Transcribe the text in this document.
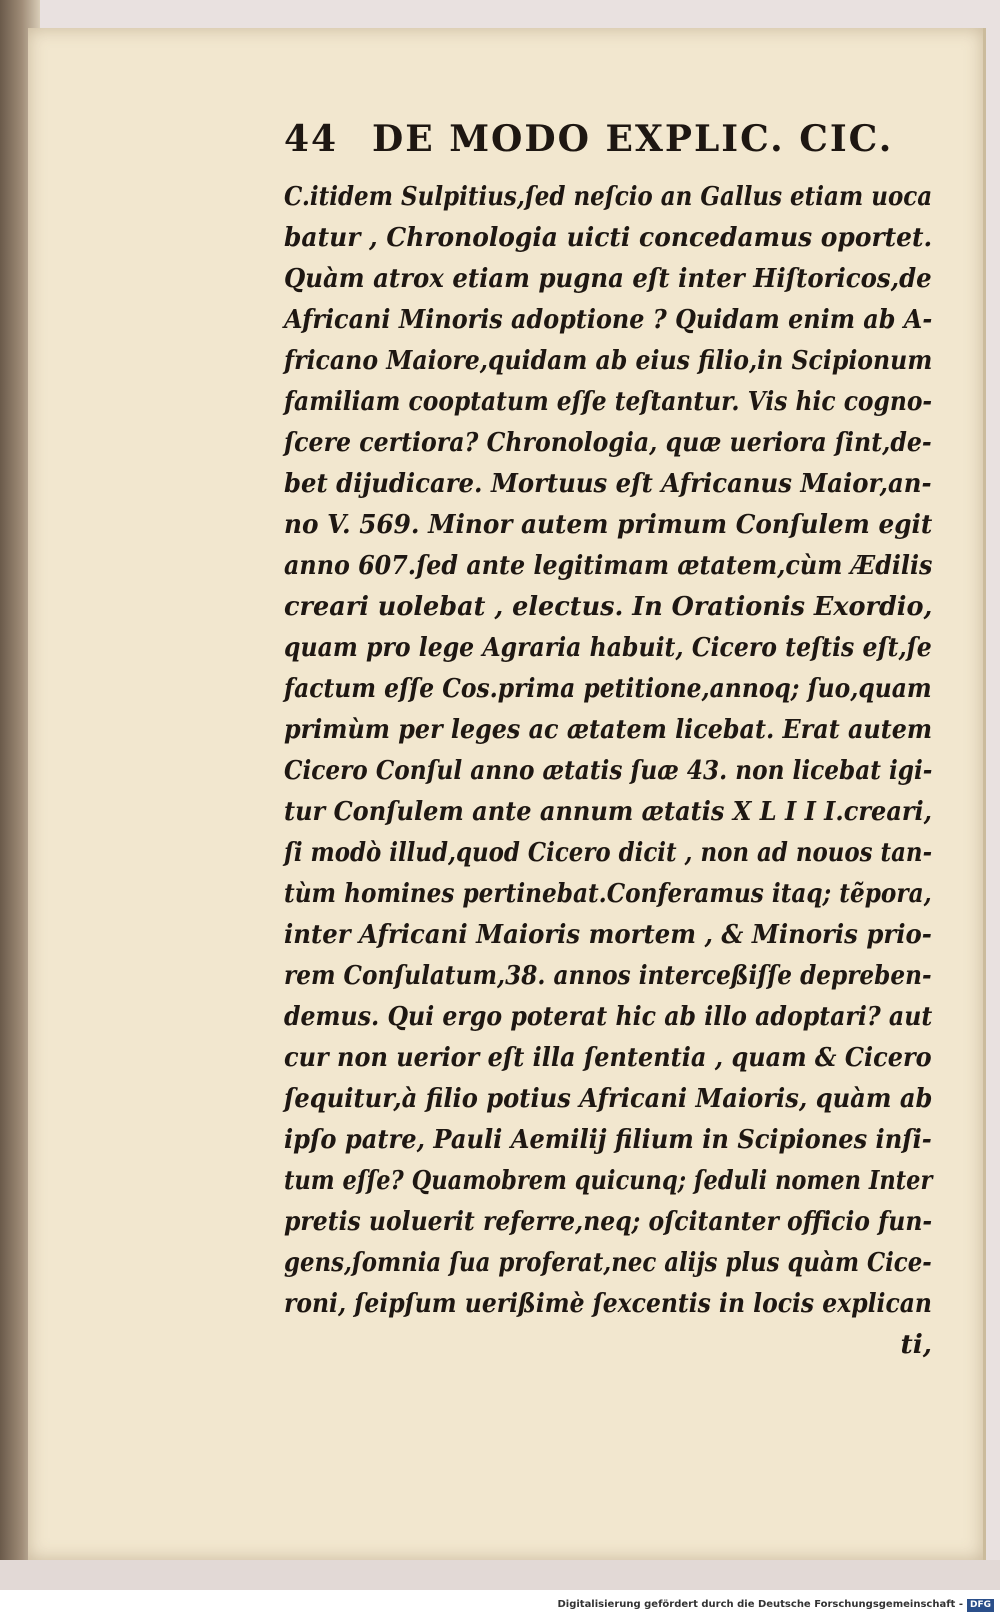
44 DE MODO EXPLIC. CIC.
C.itidem Sulpitius,ſed neſcio an Gallus etiam uoca
batur , Chronologia uicti concedamus oportet.
Quàm atrox etiam pugna eſt inter Hiſtoricos,de
Africani Minoris adoptione ? Quidam enim ab A-
fricano Maiore,quidam ab eius filio,in Scipionum
familiam cooptatum eſſe teſtantur. Vis hic cogno-
ſcere certiora? Chronologia, quæ ueriora ſint,de-
bet dijudicare. Mortuus eſt Africanus Maior,an-
no V. 569. Minor autem primum Conſulem egit
anno 607.ſed ante legitimam ætatem,cùm Ædilis
creari uolebat , electus. In Orationis Exordio,
quam pro lege Agraria habuit, Cicero teſtis eſt,ſe
factum eſſe Cos.prima petitione,annoq; ſuo,quam
primùm per leges ac ætatem licebat. Erat autem
Cicero Conſul anno ætatis ſuæ 43. non licebat igi-
tur Conſulem ante annum ætatis X L I I I.creari,
ſi modò illud,quod Cicero dicit , non ad nouos tan-
tùm homines pertinebat.Conferamus itaq; tẽpora,
inter Africani Maioris mortem , & Minoris prio-
rem Conſulatum,38. annos interceßiſſe depreben-
demus. Qui ergo poterat hic ab illo adoptari? aut
cur non uerior eſt illa ſententia , quam & Cicero
ſequitur,à filio potius Africani Maioris, quàm ab
ipſo patre, Pauli Aemilij filium in Scipiones inſi-
tum eſſe? Quamobrem quicunq; ſeduli nomen Inter
pretis uoluerit referre,neq; oſcitanter officio fun-
gens,ſomnia ſua proferat,nec alijs plus quàm Cice-
roni, ſeipſum uerißimè ſexcentis in locis explican
ti,
Digitalisierung gefördert durch die Deutsche Forschungsgemeinschaft - DFG
